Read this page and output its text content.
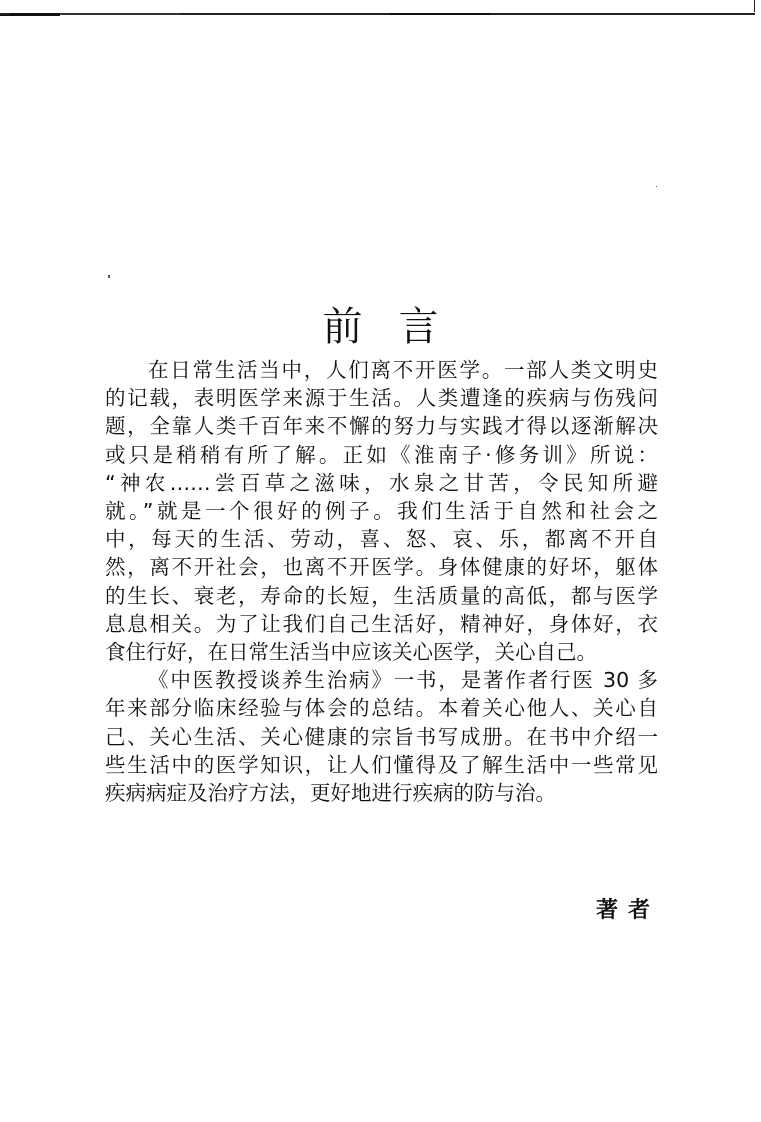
前言

在日常生活当中，人们离不开医学。一部人类文明史

的记载，表明医学来源于生活。人类遭逢的疾病与伤残问
题，全靠人类千百年来不懈的努力与实践才得以逐渐解决
或只是稍稍有所了解。正如《淮南子·修务训》所说：
“神农……尝百草之滋味，水泉之甘苦，令民知所避
就。”就是一个很好的例子。我们生活于自然和社会之
中，每天的生活、劳动，喜、怒、哀、乐，都离不开自
然，离不开社会，也离不开医学。身体健康的好坏，躯体
的生长、衰老，寿命的长短，生活质量的高低，都与医学
息息相关。为了让我们自己生活好，精神好，身体好，衣
食住行好，在日常生活当中应该关心医学，关心自己。

《中医教授谈养生治病》一书，是著作者行医 30 多

年来部分临床经验与体会的总结。本着关心他人、关心自
己、关心生活、关心健康的宗旨书写成册。在书中介绍一
些生活中的医学知识，让人们懂得及了解生活中一些常见
疾病病症及治疗方法，更好地进行疾病的防与治。
著者
